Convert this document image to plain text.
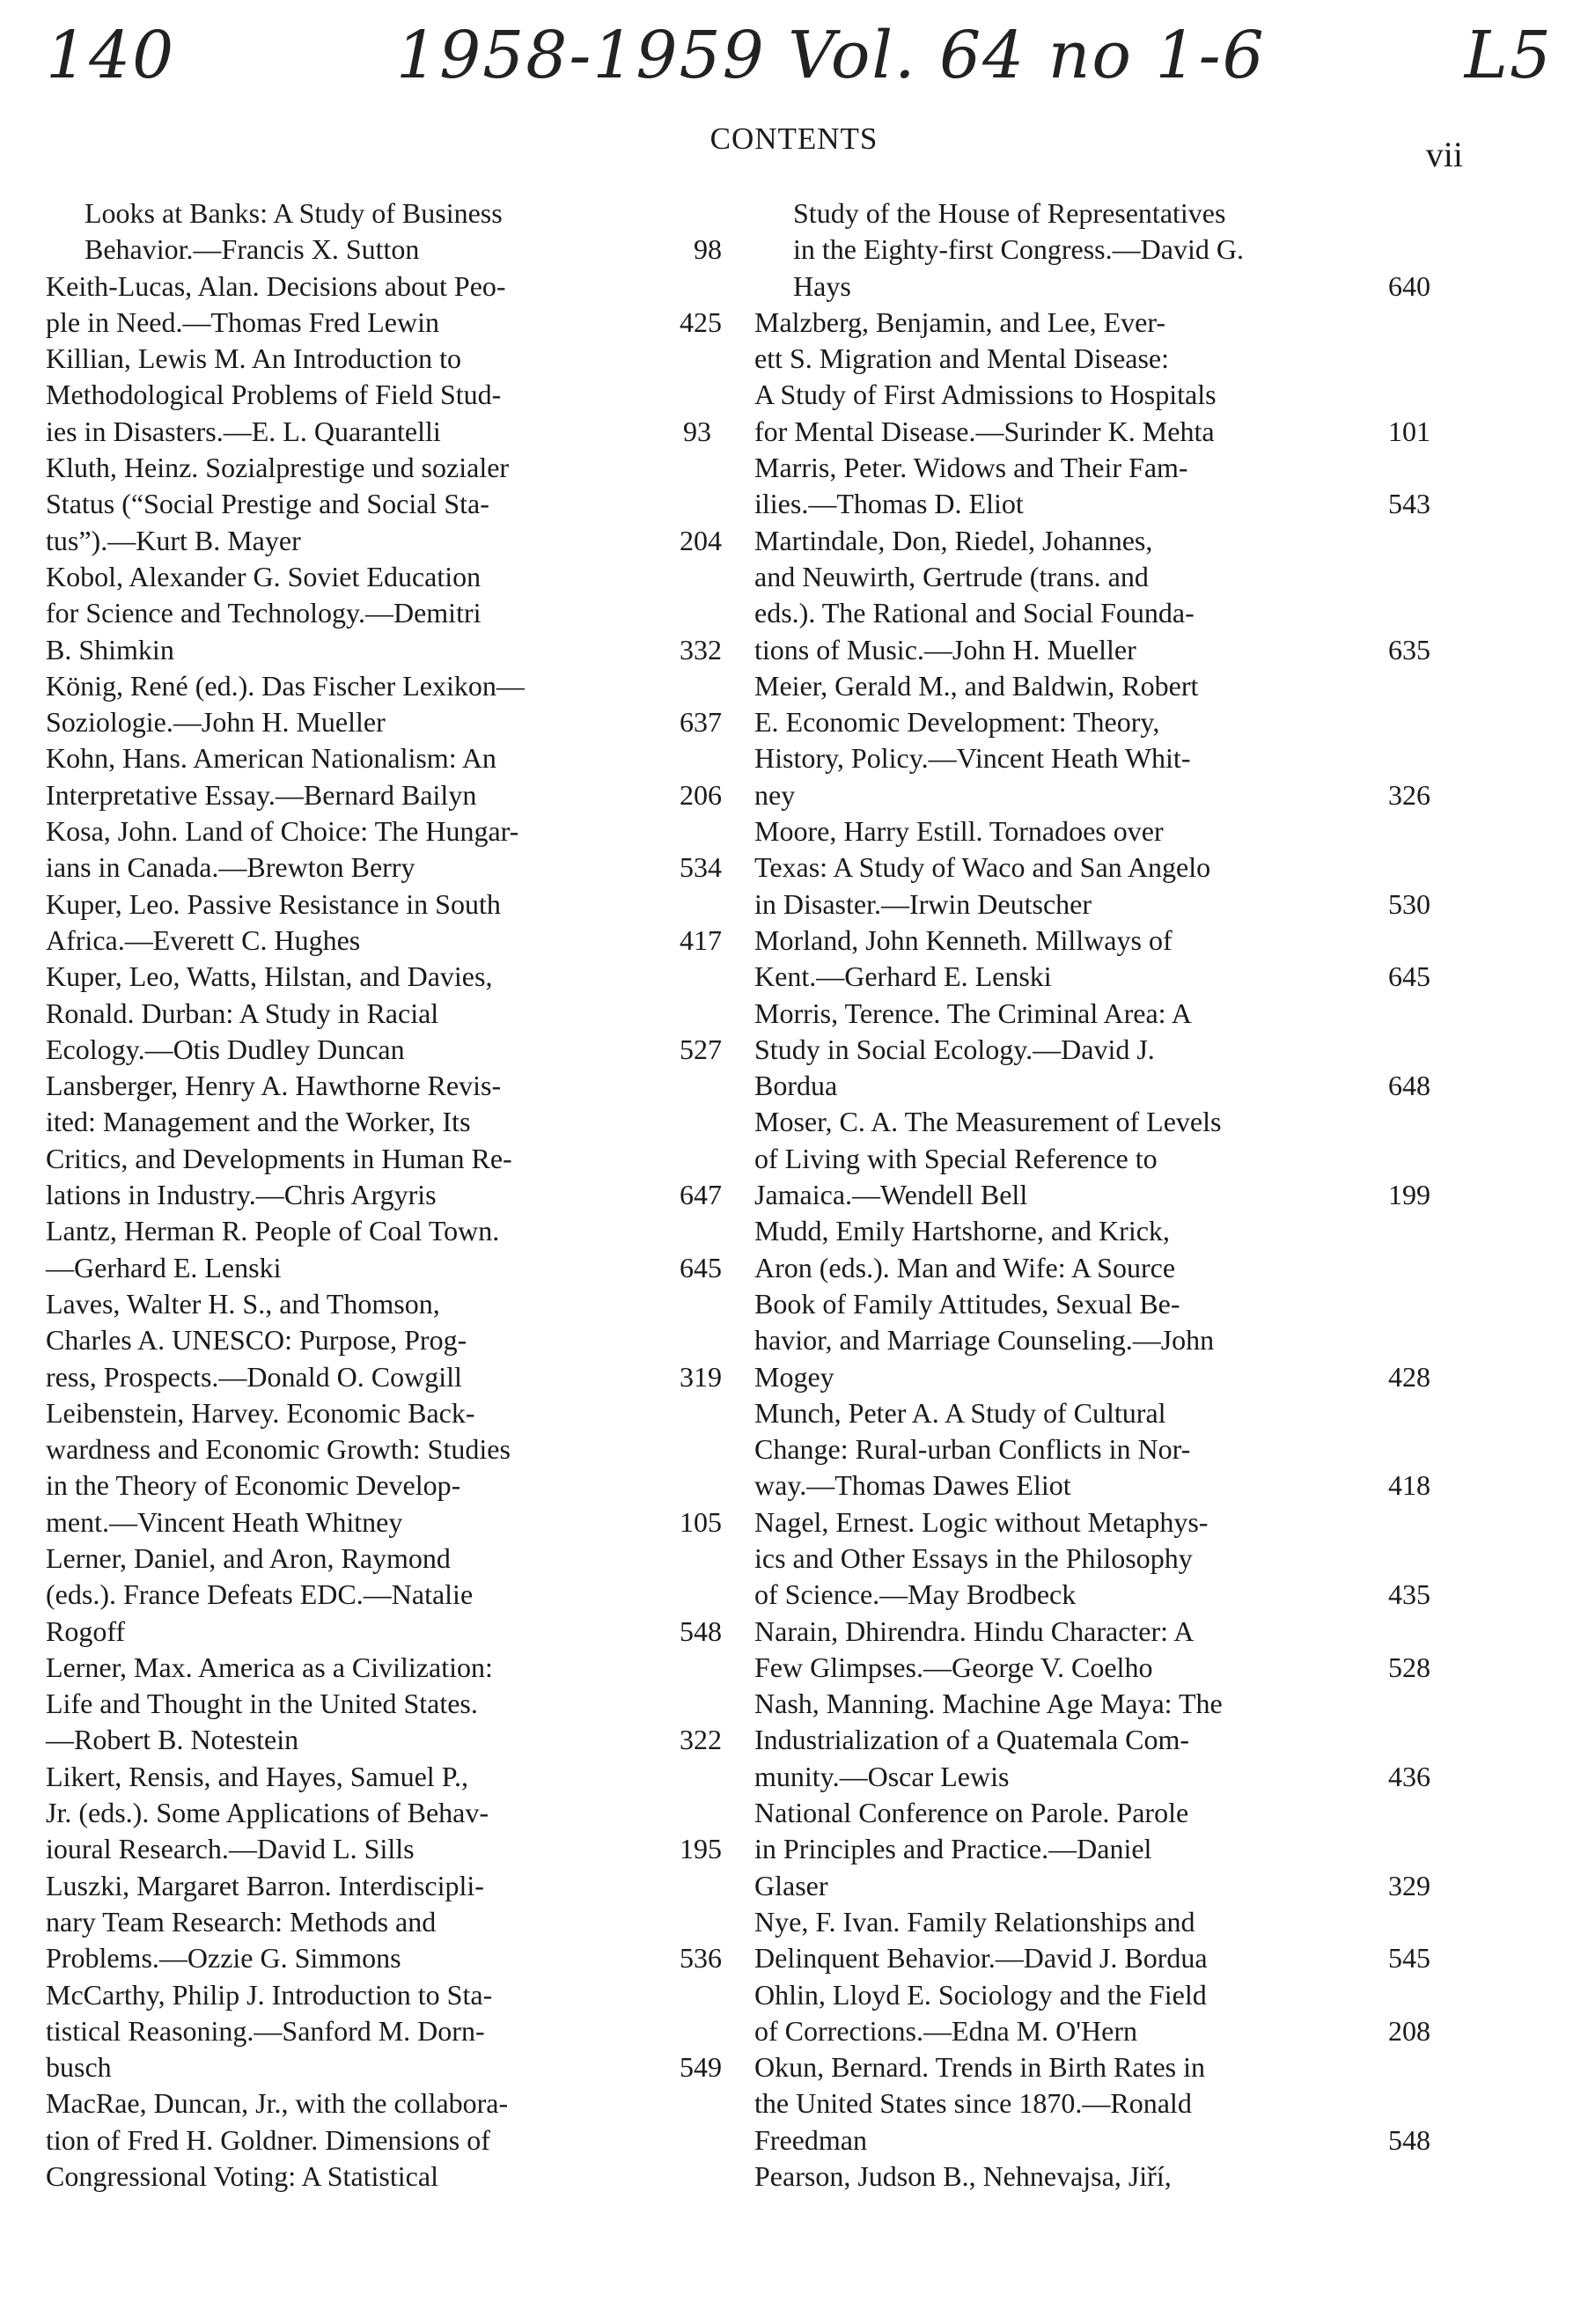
140	1958-1959 Vol. 64 no 1-6	L5
CONTENTS	vii
Looks at Banks: A Study of Business
Behavior.—Francis X. Sutton	98
Keith-Lucas, Alan. Decisions about Peo-
ple in Need.—Thomas Fred Lewin	425
Killian, Lewis M. An Introduction to
Methodological Problems of Field Stud-
ies in Disasters.—E. L. Quarantelli	93
Kluth, Heinz. Sozialprestige und sozialer
Status (“Social Prestige and Social Sta-
tus”).—Kurt B. Mayer	204
Kobol, Alexander G. Soviet Education
for Science and Technology.—Demitri
B. Shimkin	332
König, René (ed.). Das Fischer Lexikon—
Soziologie.—John H. Mueller	637
Kohn, Hans. American Nationalism: An
Interpretative Essay.—Bernard Bailyn	206
Kosa, John. Land of Choice: The Hungar-
ians in Canada.—Brewton Berry	534
Kuper, Leo. Passive Resistance in South
Africa.—Everett C. Hughes	417
Kuper, Leo, Watts, Hilstan, and Davies,
Ronald. Durban: A Study in Racial
Ecology.—Otis Dudley Duncan	527
Lansberger, Henry A. Hawthorne Revis-
ited: Management and the Worker, Its
Critics, and Developments in Human Re-
lations in Industry.—Chris Argyris	647
Lantz, Herman R. People of Coal Town.
—Gerhard E. Lenski	645
Laves, Walter H. S., and Thomson,
Charles A. UNESCO: Purpose, Prog-
ress, Prospects.—Donald O. Cowgill	319
Leibenstein, Harvey. Economic Back-
wardness and Economic Growth: Studies
in the Theory of Economic Develop-
ment.—Vincent Heath Whitney	105
Lerner, Daniel, and Aron, Raymond
(eds.). France Defeats EDC.—Natalie
Rogoff	548
Lerner, Max. America as a Civilization:
Life and Thought in the United States.
—Robert B. Notestein	322
Likert, Rensis, and Hayes, Samuel P.,
Jr. (eds.). Some Applications of Behav-
ioural Research.—David L. Sills	195
Luszki, Margaret Barron. Interdiscipli-
nary Team Research: Methods and
Problems.—Ozzie G. Simmons	536
McCarthy, Philip J. Introduction to Sta-
tistical Reasoning.—Sanford M. Dorn-
busch	549
MacRae, Duncan, Jr., with the collabora-
tion of Fred H. Goldner. Dimensions of
Congressional Voting: A Statistical
Study of the House of Representatives
in the Eighty-first Congress.—David G.
Hays	640
Malzberg, Benjamin, and Lee, Ever-
ett S. Migration and Mental Disease:
A Study of First Admissions to Hospitals
for Mental Disease.—Surinder K. Mehta	101
Marris, Peter. Widows and Their Fam-
ilies.—Thomas D. Eliot	543
Martindale, Don, Riedel, Johannes,
and Neuwirth, Gertrude (trans. and
eds.). The Rational and Social Founda-
tions of Music.—John H. Mueller	635
Meier, Gerald M., and Baldwin, Robert
E. Economic Development: Theory,
History, Policy.—Vincent Heath Whit-
ney	326
Moore, Harry Estill. Tornadoes over
Texas: A Study of Waco and San Angelo
in Disaster.—Irwin Deutscher	530
Morland, John Kenneth. Millways of
Kent.—Gerhard E. Lenski	645
Morris, Terence. The Criminal Area: A
Study in Social Ecology.—David J.
Bordua	648
Moser, C. A. The Measurement of Levels
of Living with Special Reference to
Jamaica.—Wendell Bell	199
Mudd, Emily Hartshorne, and Krick,
Aron (eds.). Man and Wife: A Source
Book of Family Attitudes, Sexual Be-
havior, and Marriage Counseling.—John
Mogey	428
Munch, Peter A. A Study of Cultural
Change: Rural-urban Conflicts in Nor-
way.—Thomas Dawes Eliot	418
Nagel, Ernest. Logic without Metaphys-
ics and Other Essays in the Philosophy
of Science.—May Brodbeck	435
Narain, Dhirendra. Hindu Character: A
Few Glimpses.—George V. Coelho	528
Nash, Manning. Machine Age Maya: The
Industrialization of a Quatemala Com-
munity.—Oscar Lewis	436
National Conference on Parole. Parole
in Principles and Practice.—Daniel
Glaser	329
Nye, F. Ivan. Family Relationships and
Delinquent Behavior.—David J. Bordua	545
Ohlin, Lloyd E. Sociology and the Field
of Corrections.—Edna M. O'Hern	208
Okun, Bernard. Trends in Birth Rates in
the United States since 1870.—Ronald
Freedman	548
Pearson, Judson B., Nehnevajsa, Jiří,
